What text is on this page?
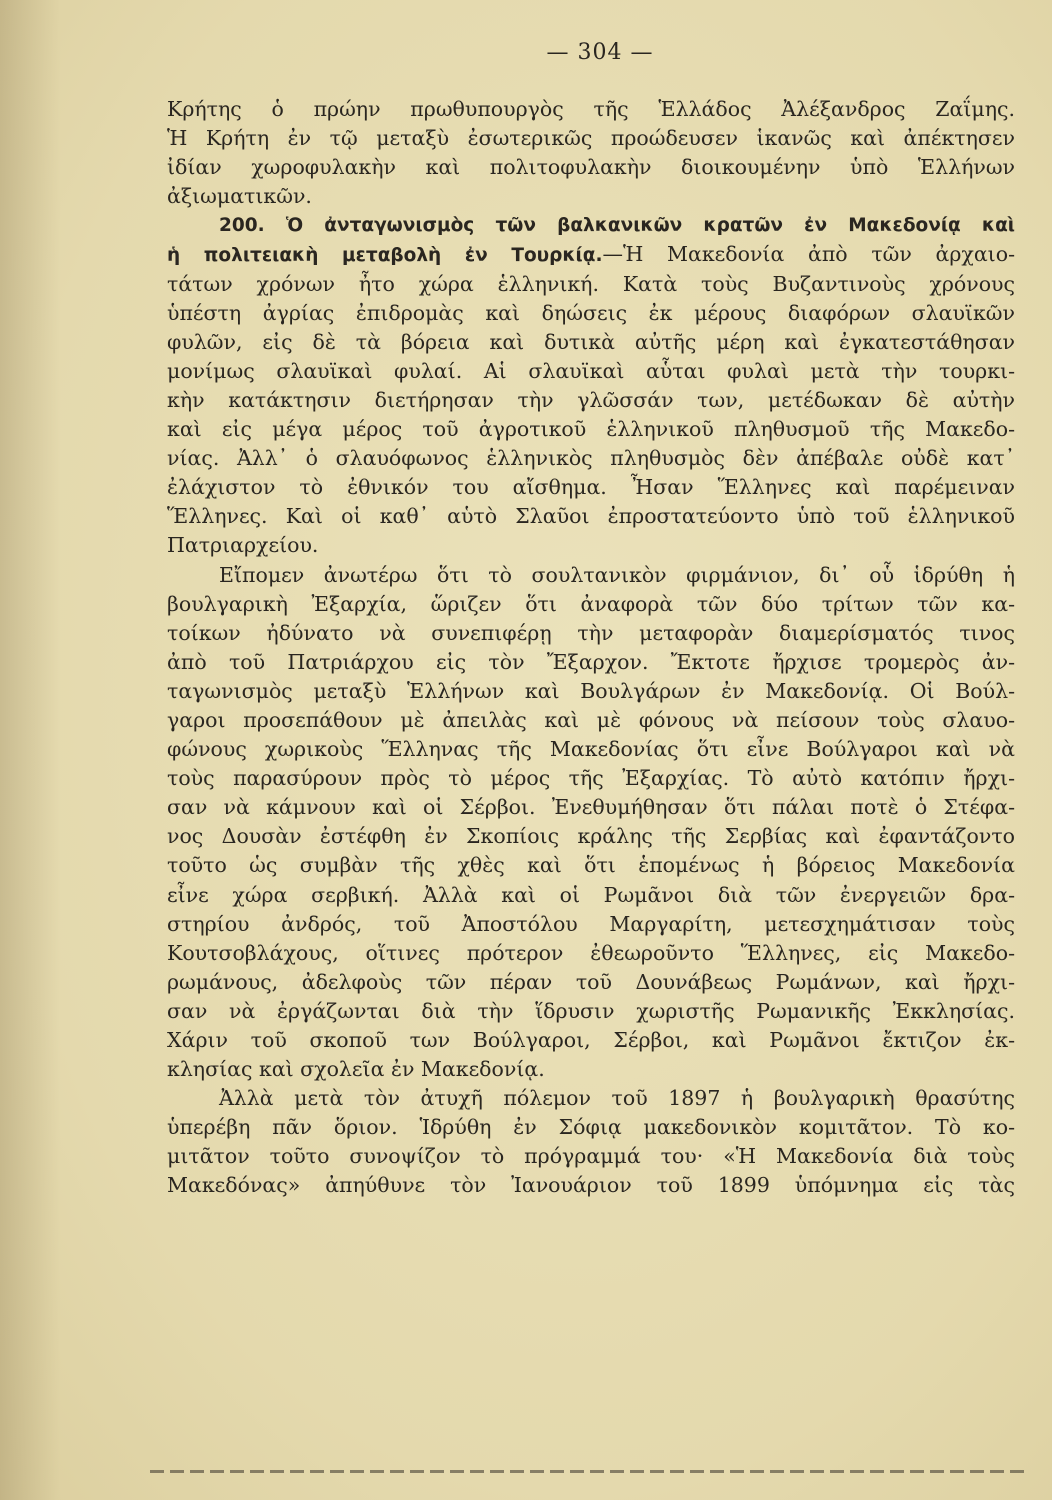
— 304 —
Κρήτης ὁ πρώην πρωθυπουργὸς τῆς Ἑλλάδος Ἀλέξανδρος Ζαΐμης.
Ἡ Κρήτη ἐν τῷ μεταξὺ ἐσωτερικῶς προώδευσεν ἱκανῶς καὶ ἀπέκτησεν
ἰδίαν χωροφυλακὴν καὶ πολιτοφυλακὴν διοικουμένην ὑπὸ Ἑλλήνων
ἀξιωματικῶν.
200. Ὁ ἀνταγωνισμὸς τῶν βαλκανικῶν κρατῶν ἐν Μακεδονίᾳ καὶ
ἡ πολιτειακὴ μεταβολὴ ἐν Τουρκίᾳ.—Ἡ Μακεδονία ἀπὸ τῶν ἀρχαιο-
τάτων χρόνων ἦτο χώρα ἑλληνική. Κατὰ τοὺς Βυζαντινοὺς χρόνους
ὑπέστη ἀγρίας ἐπιδρομὰς καὶ δηώσεις ἐκ μέρους διαφόρων σλαυϊκῶν
φυλῶν, εἰς δὲ τὰ βόρεια καὶ δυτικὰ αὐτῆς μέρη καὶ ἐγκατεστάθησαν
μονίμως σλαυϊκαὶ φυλαί. Αἱ σλαυϊκαὶ αὗται φυλαὶ μετὰ τὴν τουρκι-
κὴν κατάκτησιν διετήρησαν τὴν γλῶσσάν των, μετέδωκαν δὲ αὐτὴν
καὶ εἰς μέγα μέρος τοῦ ἀγροτικοῦ ἑλληνικοῦ πληθυσμοῦ τῆς Μακεδο-
νίας. Ἀλλ᾽ ὁ σλαυόφωνος ἑλληνικὸς πληθυσμὸς δὲν ἀπέβαλε οὐδὲ κατ᾽
ἐλάχιστον τὸ ἐθνικόν του αἴσθημα. Ἦσαν Ἕλληνες καὶ παρέμειναν
Ἕλληνες. Καὶ οἱ καθ᾽ αὑτὸ Σλαῦοι ἐπροστατεύοντο ὑπὸ τοῦ ἑλληνικοῦ
Πατριαρχείου.
Εἴπομεν ἀνωτέρω ὅτι τὸ σουλτανικὸν φιρμάνιον, δι᾽ οὗ ἱδρύθη ἡ
βουλγαρικὴ Ἐξαρχία, ὥριζεν ὅτι ἀναφορὰ τῶν δύο τρίτων τῶν κα-
τοίκων ἠδύνατο νὰ συνεπιφέρῃ τὴν μεταφορὰν διαμερίσματός τινος
ἀπὸ τοῦ Πατριάρχου εἰς τὸν Ἔξαρχον. Ἔκτοτε ἤρχισε τρομερὸς ἀν-
ταγωνισμὸς μεταξὺ Ἑλλήνων καὶ Βουλγάρων ἐν Μακεδονίᾳ. Οἱ Βούλ-
γαροι προσεπάθουν μὲ ἀπειλὰς καὶ μὲ φόνους νὰ πείσουν τοὺς σλαυο-
φώνους χωρικοὺς Ἕλληνας τῆς Μακεδονίας ὅτι εἶνε Βούλγαροι καὶ νὰ
τοὺς παρασύρουν πρὸς τὸ μέρος τῆς Ἐξαρχίας. Τὸ αὐτὸ κατόπιν ἤρχι-
σαν νὰ κάμνουν καὶ οἱ Σέρβοι. Ἐνεθυμήθησαν ὅτι πάλαι ποτὲ ὁ Στέφα-
νος Δουσὰν ἐστέφθη ἐν Σκοπίοις κράλης τῆς Σερβίας καὶ ἐφαντάζοντο
τοῦτο ὡς συμβὰν τῆς χθὲς καὶ ὅτι ἑπομένως ἡ βόρειος Μακεδονία
εἶνε χώρα σερβική. Ἀλλὰ καὶ οἱ Ρωμᾶνοι διὰ τῶν ἐνεργειῶν δρα-
στηρίου ἀνδρός, τοῦ Ἀποστόλου Μαργαρίτη, μετεσχημάτισαν τοὺς
Κουτσοβλάχους, οἵτινες πρότερον ἐθεωροῦντο Ἕλληνες, εἰς Μακεδο-
ρωμάνους, ἀδελφοὺς τῶν πέραν τοῦ Δουνάβεως Ρωμάνων, καὶ ἤρχι-
σαν νὰ ἐργάζωνται διὰ τὴν ἵδρυσιν χωριστῆς Ρωμανικῆς Ἐκκλησίας.
Χάριν τοῦ σκοποῦ των Βούλγαροι, Σέρβοι, καὶ Ρωμᾶνοι ἔκτιζον ἐκ-
κλησίας καὶ σχολεῖα ἐν Μακεδονίᾳ.
Ἀλλὰ μετὰ τὸν ἀτυχῆ πόλεμον τοῦ 1897 ἡ βουλγαρικὴ θρασύτης
ὑπερέβη πᾶν ὅριον. Ἱδρύθη ἐν Σόφιᾳ μακεδονικὸν κομιτᾶτον. Τὸ κο-
μιτᾶτον τοῦτο συνοψίζον τὸ πρόγραμμά του· «Ἡ Μακεδονία διὰ τοὺς
Μακεδόνας» ἀπηύθυνε τὸν Ἰανουάριον τοῦ 1899 ὑπόμνημα εἰς τὰς
